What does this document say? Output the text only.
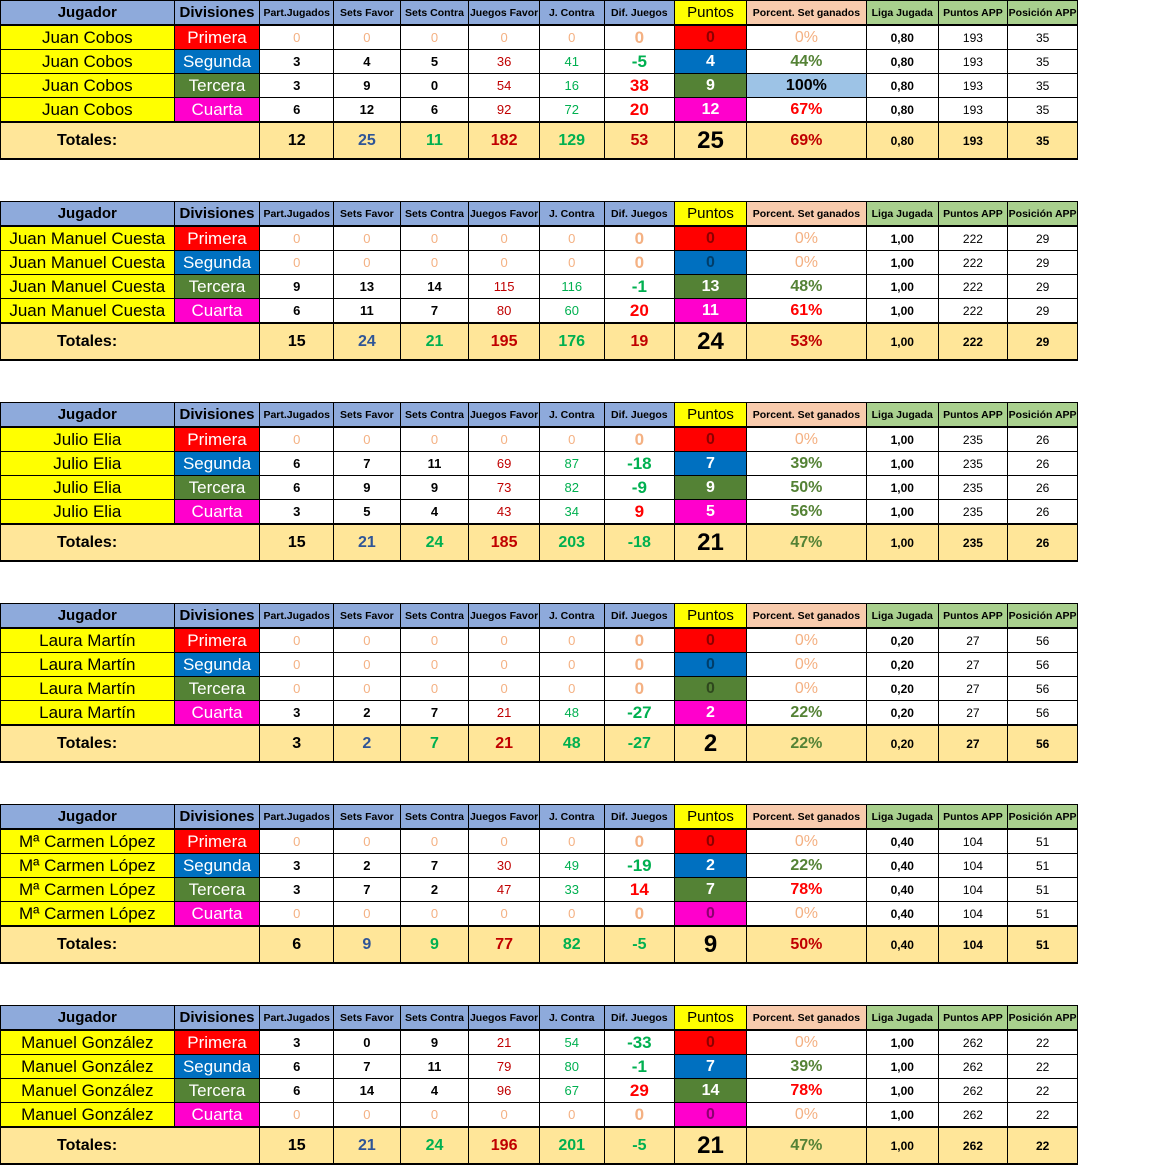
Jugador	Divisiones	Part.Jugados	Sets Favor	Sets Contra	Juegos Favor	J. Contra	Dif. Juegos	Puntos	Porcent. Set ganados	Liga Jugada	Puntos APP	Posición APP
Juan Cobos	Primera	0	0	0	0	0	0	0	0%	0,80	193	35
Juan Cobos	Segunda	3	4	5	36	41	-5	4	44%	0,80	193	35
Juan Cobos	Tercera	3	9	0	54	16	38	9	100%	0,80	193	35
Juan Cobos	Cuarta	6	12	6	92	72	20	12	67%	0,80	193	35
Totales:		12	25	11	182	129	53	25	69%	0,80	193	35
Jugador	Divisiones	Part.Jugados	Sets Favor	Sets Contra	Juegos Favor	J. Contra	Dif. Juegos	Puntos	Porcent. Set ganados	Liga Jugada	Puntos APP	Posición APP
Juan Manuel Cuesta	Primera	0	0	0	0	0	0	0	0%	1,00	222	29
Juan Manuel Cuesta	Segunda	0	0	0	0	0	0	0	0%	1,00	222	29
Juan Manuel Cuesta	Tercera	9	13	14	115	116	-1	13	48%	1,00	222	29
Juan Manuel Cuesta	Cuarta	6	11	7	80	60	20	11	61%	1,00	222	29
Totales:		15	24	21	195	176	19	24	53%	1,00	222	29
Jugador	Divisiones	Part.Jugados	Sets Favor	Sets Contra	Juegos Favor	J. Contra	Dif. Juegos	Puntos	Porcent. Set ganados	Liga Jugada	Puntos APP	Posición APP
Julio Elia	Primera	0	0	0	0	0	0	0	0%	1,00	235	26
Julio Elia	Segunda	6	7	11	69	87	-18	7	39%	1,00	235	26
Julio Elia	Tercera	6	9	9	73	82	-9	9	50%	1,00	235	26
Julio Elia	Cuarta	3	5	4	43	34	9	5	56%	1,00	235	26
Totales:		15	21	24	185	203	-18	21	47%	1,00	235	26
Jugador	Divisiones	Part.Jugados	Sets Favor	Sets Contra	Juegos Favor	J. Contra	Dif. Juegos	Puntos	Porcent. Set ganados	Liga Jugada	Puntos APP	Posición APP
Laura Martín	Primera	0	0	0	0	0	0	0	0%	0,20	27	56
Laura Martín	Segunda	0	0	0	0	0	0	0	0%	0,20	27	56
Laura Martín	Tercera	0	0	0	0	0	0	0	0%	0,20	27	56
Laura Martín	Cuarta	3	2	7	21	48	-27	2	22%	0,20	27	56
Totales:		3	2	7	21	48	-27	2	22%	0,20	27	56
Jugador	Divisiones	Part.Jugados	Sets Favor	Sets Contra	Juegos Favor	J. Contra	Dif. Juegos	Puntos	Porcent. Set ganados	Liga Jugada	Puntos APP	Posición APP
Mª Carmen López	Primera	0	0	0	0	0	0	0	0%	0,40	104	51
Mª Carmen López	Segunda	3	2	7	30	49	-19	2	22%	0,40	104	51
Mª Carmen López	Tercera	3	7	2	47	33	14	7	78%	0,40	104	51
Mª Carmen López	Cuarta	0	0	0	0	0	0	0	0%	0,40	104	51
Totales:		6	9	9	77	82	-5	9	50%	0,40	104	51
Jugador	Divisiones	Part.Jugados	Sets Favor	Sets Contra	Juegos Favor	J. Contra	Dif. Juegos	Puntos	Porcent. Set ganados	Liga Jugada	Puntos APP	Posición APP
Manuel González	Primera	3	0	9	21	54	-33	0	0%	1,00	262	22
Manuel González	Segunda	6	7	11	79	80	-1	7	39%	1,00	262	22
Manuel González	Tercera	6	14	4	96	67	29	14	78%	1,00	262	22
Manuel González	Cuarta	0	0	0	0	0	0	0	0%	1,00	262	22
Totales:		15	21	24	196	201	-5	21	47%	1,00	262	22
